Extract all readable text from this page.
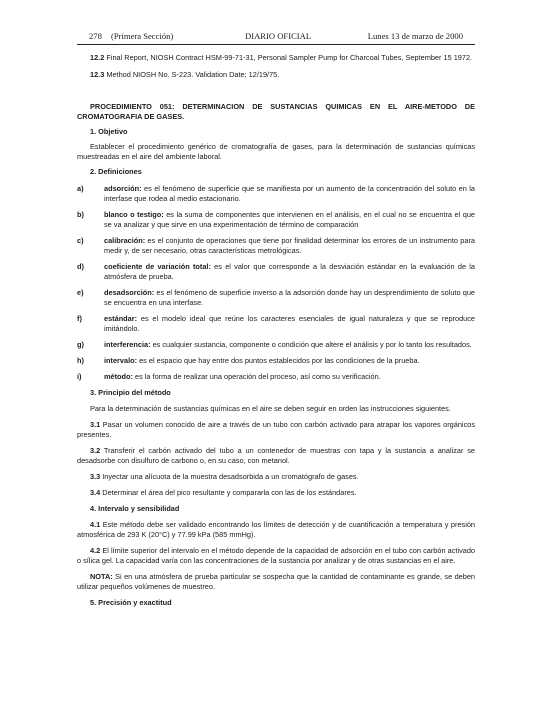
278 (Primera Sección)	DIARIO OFICIAL	Lunes 13 de marzo de 2000

12.2 Final Report, NIOSH Contract HSM-99-71-31, Personal Sampler Pump for Charcoal Tubes, September 15 1972.

12.3 Method NIOSH No. S-223. Validation Date: 12/19/75.

PROCEDIMIENTO 051: DETERMINACION DE SUSTANCIAS QUIMICAS EN EL AIRE-METODO DE CROMATOGRAFIA DE GASES.

1. Objetivo

Establecer el procedimiento genérico de cromatografía de gases, para la determinación de sustancias químicas muestreadas en el aire del ambiente laboral.

2. Definiciones

a)	adsorción: es el fenómeno de superficie que se manifiesta por un aumento de la concentración del soluto en la interfase que rodea al medio estacionario.

b)	blanco o testigo: es la suma de componentes que intervienen en el análisis, en el cual no se encuentra el que se va analizar y que sirve en una experimentación de término de comparación

c)	calibración: es el conjunto de operaciones que tiene por finalidad determinar los errores de un instrumento para medir y, de ser necesario, otras características metrológicas.

d)	coeficiente de variación total: es el valor que corresponde a la desviación estándar en la evaluación de la atmósfera de prueba.

e)	desadsorción: es el fenómeno de superficie inverso a la adsorción donde hay un desprendimiento de soluto que se encuentra en una interfase.

f)	estándar: es el modelo ideal que reúne los caracteres esenciales de igual naturaleza y que se reproduce imitándolo.

g)	interferencia: es cualquier sustancia, componente o condición que altere el análisis y por lo tanto los resultados.

h)	intervalo: es el espacio que hay entre dos puntos establecidos por las condiciones de la prueba.

i)	método: es la forma de realizar una operación del proceso, así como su verificación.

3. Principio del método

Para la determinación de sustancias químicas en el aire se deben seguir en orden las instrucciones siguientes.

3.1 Pasar un volumen conocido de aire a través de un tubo con carbón activado para atrapar los vapores orgánicos presentes.

3.2 Transferir el carbón activado del tubo a un contenedor de muestras con tapa y la sustancia a analizar se desadsorbe con disulfuro de carbono o, en su caso, con metanol.

3.3 Inyectar una alícuota de la muestra desadsorbida a un cromatógrafo de gases.

3.4 Determinar el área del pico resultante y compararla con las de los estándares.

4. Intervalo y sensibilidad

4.1 Este método debe ser validado encontrando los límites de detección y de cuantificación a temperatura y presión atmosférica de 293 K (20°C) y 77.99 kPa (585 mmHg).

4.2 El límite superior del intervalo en el método depende de la capacidad de adsorción en el tubo con carbón activado o sílica gel. La capacidad varía con las concentraciones de la sustancia por analizar y de otras sustancias en el aire.

NOTA: Si en una atmósfera de prueba particular se sospecha que la cantidad de contaminante es grande, se deben utilizar pequeños volúmenes de muestreo.

5. Precisión y exactitud
